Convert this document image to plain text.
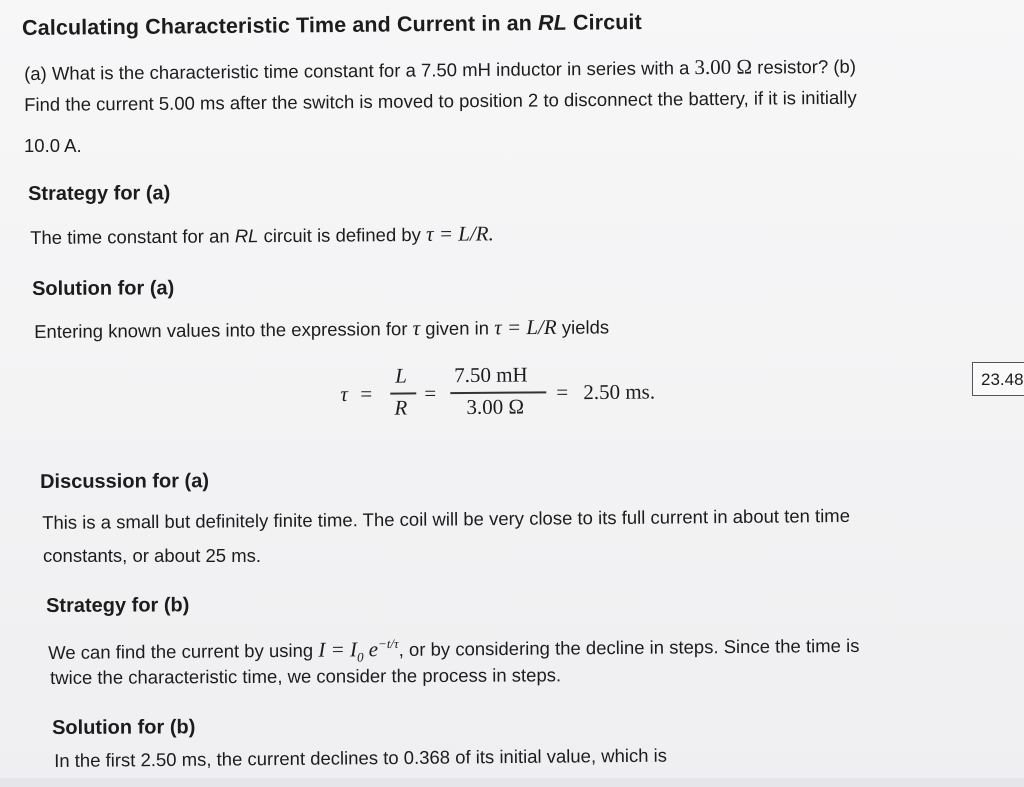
Calculating Characteristic Time and Current in an RL Circuit

(a) What is the characteristic time constant for a 7.50 mH inductor in series with a 3.00 Ω resistor? (b)

Find the current 5.00 ms after the switch is moved to position 2 to disconnect the battery, if it is initially

10.0 A.

Strategy for (a)

The time constant for an RL circuit is defined by τ = L/R.

Solution for (a)

Entering known values into the expression for τ given in τ = L/R yields

τ =
L
R
=
7.50 mH
3.00 Ω
= 2.50 ms.
23.48
Discussion for (a)

This is a small but definitely finite time. The coil will be very close to its full current in about ten time

constants, or about 25 ms.

Strategy for (b)

We can find the current by using $I = I_0$ $e^{-t/\tau}$, or by considering the decline in steps. Since the time is

twice the characteristic time, we consider the process in steps.

Solution for (b)

In the first 2.50 ms, the current declines to 0.368 of its initial value, which is
